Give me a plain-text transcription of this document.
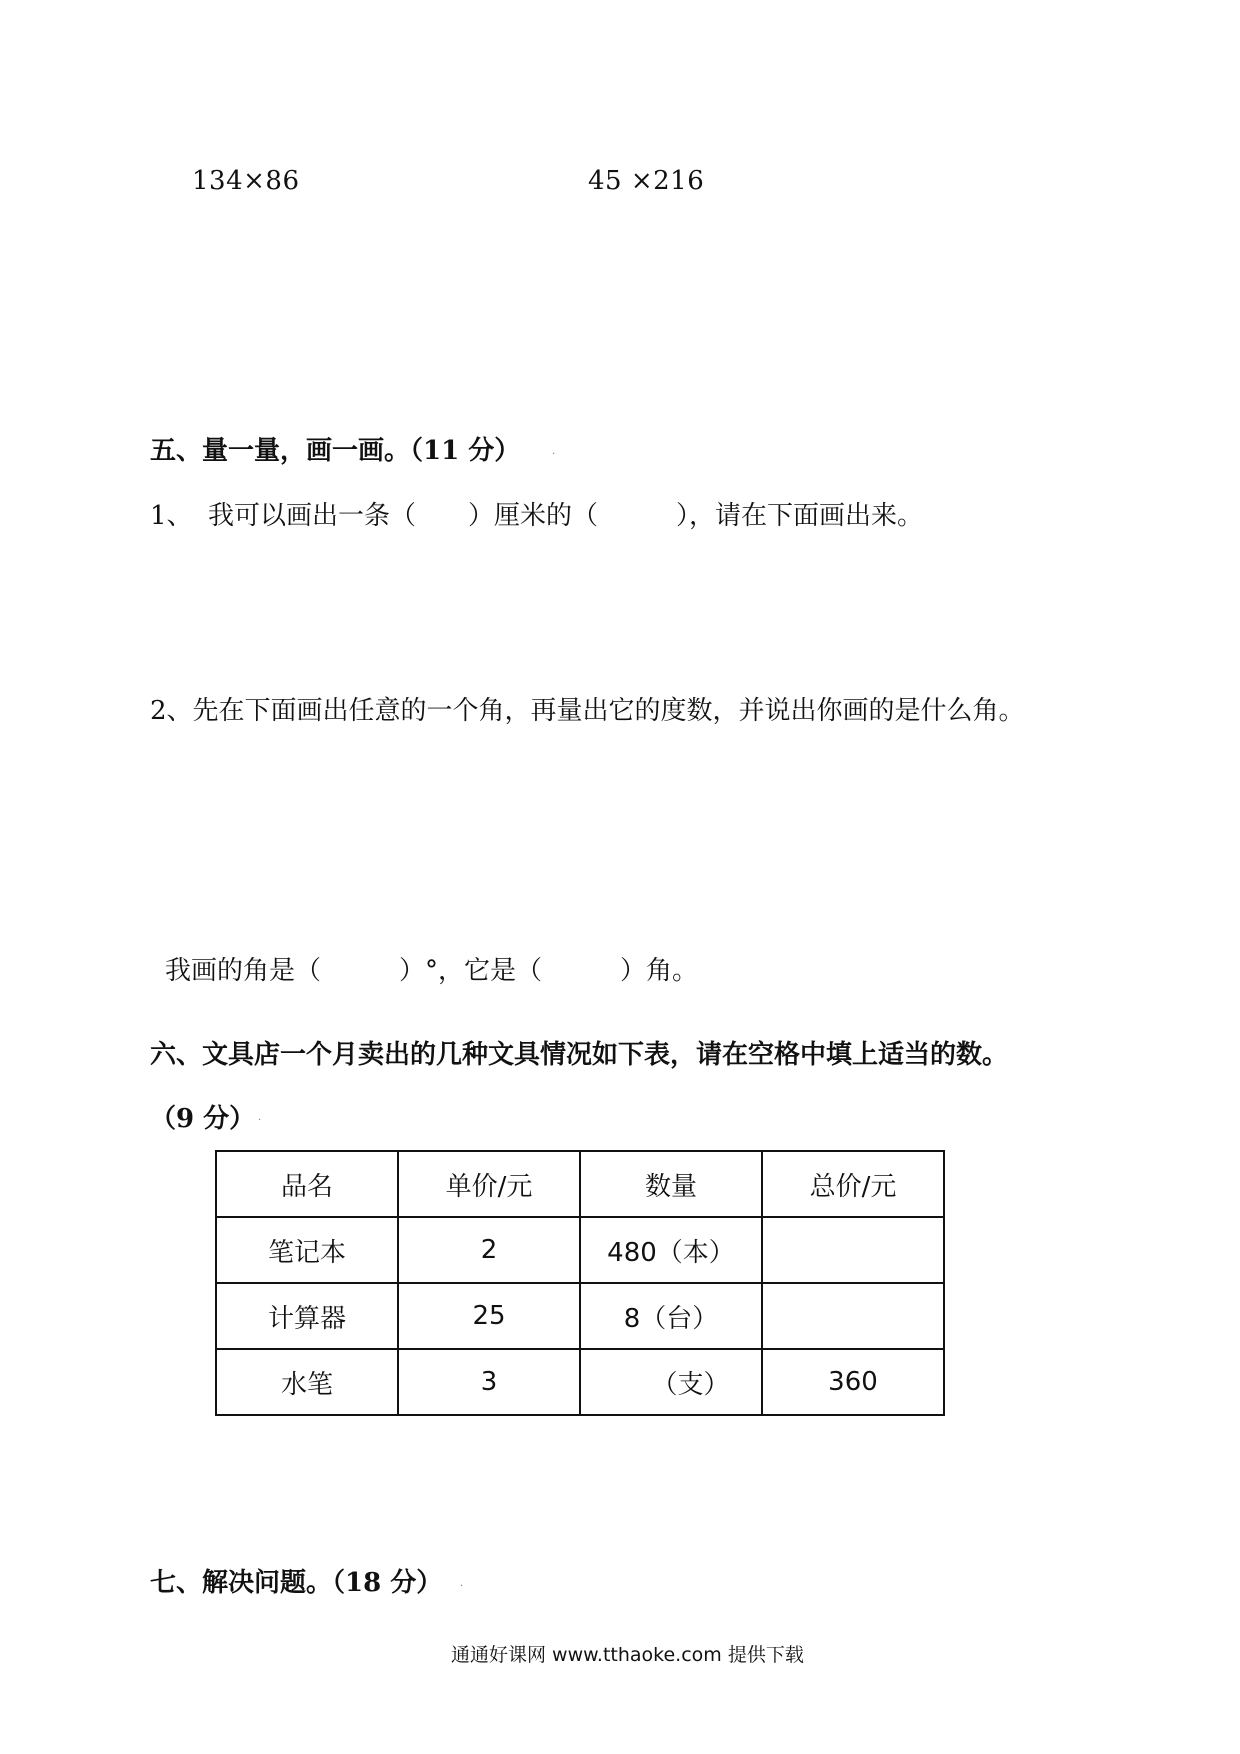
134×86	45 ×216
五、量一量，画一画。（11 分）	.
1、 我可以画出一条（　　）厘米的（　　　），请在下面画出来。
2、先在下面画出任意的一个角，再量出它的度数，并说出你画的是什么角。
我画的角是（　　　）°，它是（　　　）角。
六、文具店一个月卖出的几种文具情况如下表，请在空格中填上适当的数。
（9 分） .
品名	单价/元	数量	总价/元
笔记本	2	480（本）	
计算器	25	8（台）	
水笔	3	　　（支）	360
七、解决问题。（18 分） .
通通好课网 www.tthaoke.com 提供下载
